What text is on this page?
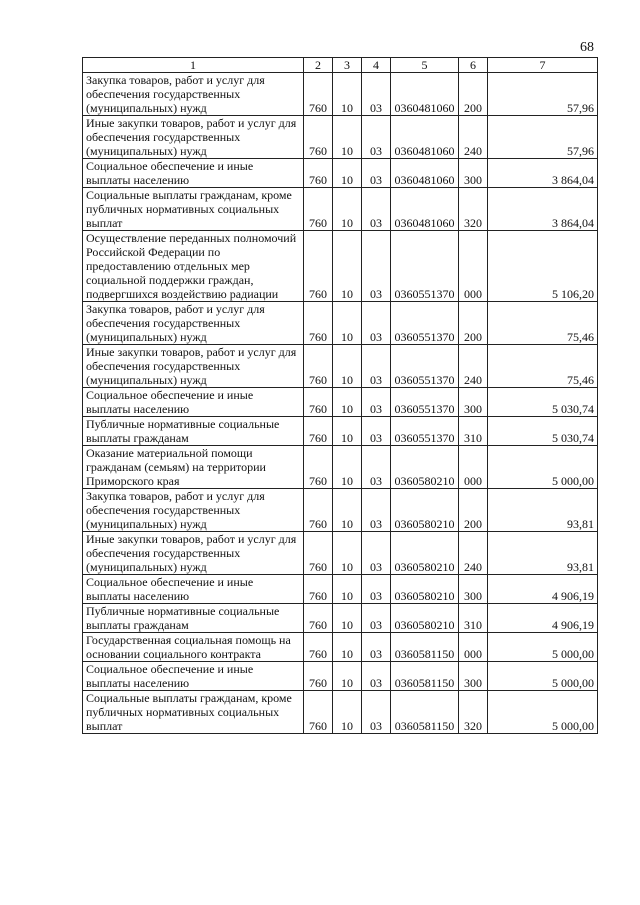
68
1	2	3	4	5	6	7
Закупка товаров, работ и услуг для обеспечения государственных (муниципальных) нужд	760	10	03	0360481060	200	57,96
Иные закупки товаров, работ и услуг для обеспечения государственных (муниципальных) нужд	760	10	03	0360481060	240	57,96
Социальное обеспечение и иные выплаты населению	760	10	03	0360481060	300	3 864,04
Социальные выплаты гражданам, кроме публичных нормативных социальных выплат	760	10	03	0360481060	320	3 864,04
Осуществление переданных полномочий Российской Федерации по предоставлению отдельных мер социальной поддержки граждан, подвергшихся воздействию радиации	760	10	03	0360551370	000	5 106,20
Закупка товаров, работ и услуг для обеспечения государственных (муниципальных) нужд	760	10	03	0360551370	200	75,46
Иные закупки товаров, работ и услуг для обеспечения государственных (муниципальных) нужд	760	10	03	0360551370	240	75,46
Социальное обеспечение и иные выплаты населению	760	10	03	0360551370	300	5 030,74
Публичные нормативные социальные выплаты гражданам	760	10	03	0360551370	310	5 030,74
Оказание материальной помощи гражданам (семьям) на территории Приморского края	760	10	03	0360580210	000	5 000,00
Закупка товаров, работ и услуг для обеспечения государственных (муниципальных) нужд	760	10	03	0360580210	200	93,81
Иные закупки товаров, работ и услуг для обеспечения государственных (муниципальных) нужд	760	10	03	0360580210	240	93,81
Социальное обеспечение и иные выплаты населению	760	10	03	0360580210	300	4 906,19
Публичные нормативные социальные выплаты гражданам	760	10	03	0360580210	310	4 906,19
Государственная социальная помощь на основании социального контракта	760	10	03	0360581150	000	5 000,00
Социальное обеспечение и иные выплаты населению	760	10	03	0360581150	300	5 000,00
Социальные выплаты гражданам, кроме публичных нормативных социальных выплат	760	10	03	0360581150	320	5 000,00
